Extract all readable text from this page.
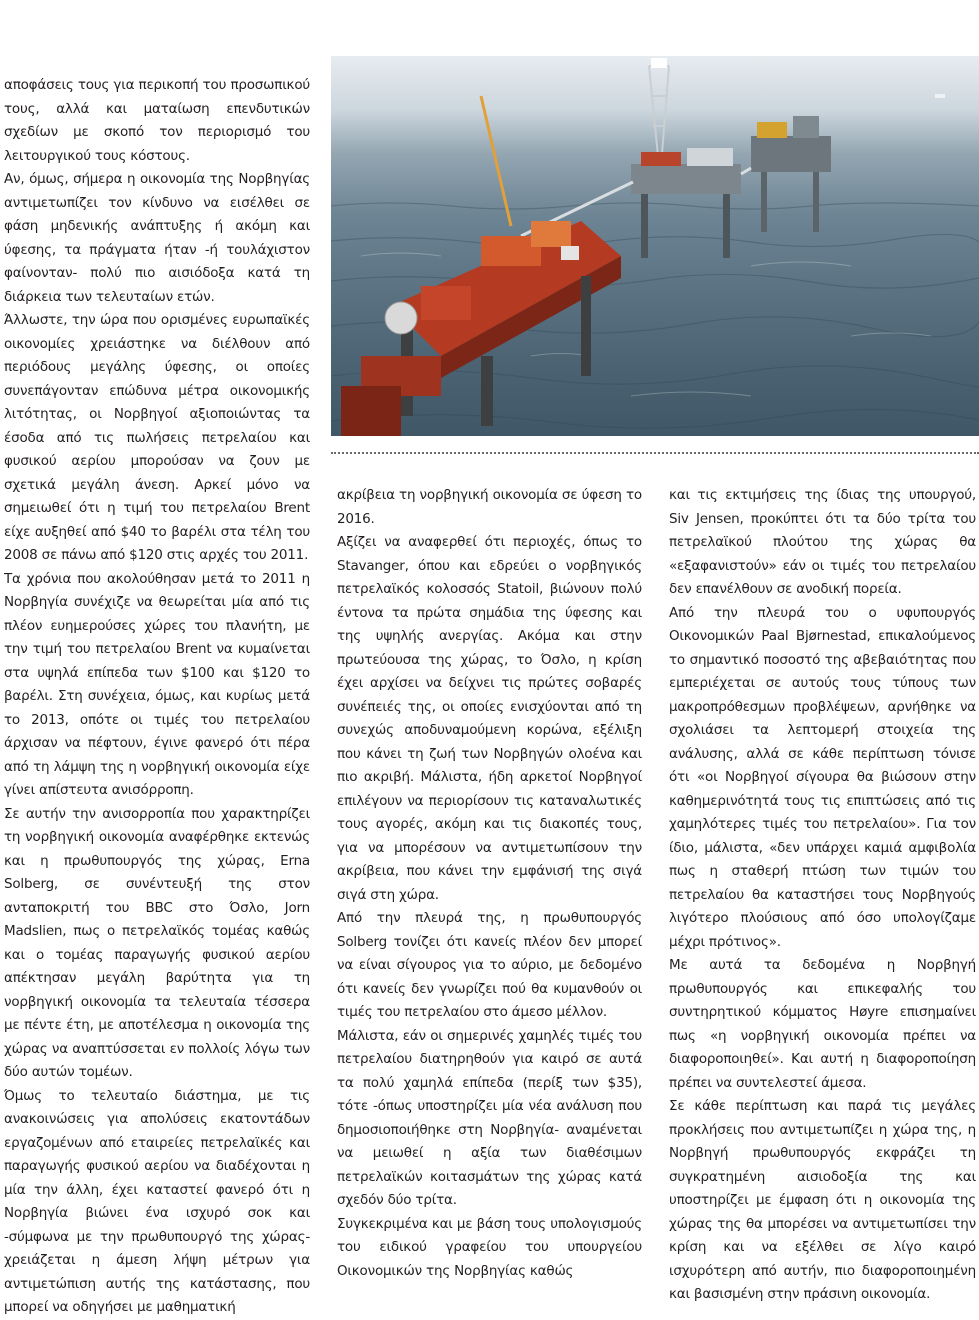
αποφάσεις τους για περικοπή του προσωπικού τους, αλλά και ματαίωση επενδυτικών σχεδίων με σκοπό τον περιορισμό του λειτουργικού τους κόστους.

Αν, όμως, σήμερα η οικονομία της Νορβηγίας αντιμετωπίζει τον κίνδυνο να εισέλθει σε φάση μηδενικής ανάπτυξης ή ακόμη και ύφεσης, τα πράγματα ήταν -ή τουλάχιστον φαίνονταν- πολύ πιο αισιόδοξα κατά τη διάρκεια των τελευταίων ετών.

Άλλωστε, την ώρα που ορισμένες ευρωπαϊκές οικονομίες χρειάστηκε να διέλθουν από περιόδους μεγάλης ύφεσης, οι οποίες συνεπάγονταν επώδυνα μέτρα οικονομικής λιτότητας, οι Νορβηγοί αξιοποιώντας τα έσοδα από τις πωλήσεις πετρελαίου και φυσικού αερίου μπορούσαν να ζουν με σχετικά μεγάλη άνεση. Αρκεί μόνο να σημειωθεί ότι η τιμή του πετρελαίου Brent είχε αυξηθεί από $40 το βαρέλι στα τέλη του 2008 σε πάνω από $120 στις αρχές του 2011.

Τα χρόνια που ακολούθησαν μετά το 2011 η Νορβηγία συνέχιζε να θεωρείται μία από τις πλέον ευημερούσες χώρες του πλανήτη, με την τιμή του πετρελαίου Brent να κυμαίνεται στα υψηλά επίπεδα των $100 και $120 το βαρέλι. Στη συνέχεια, όμως, και κυρίως μετά το 2013, οπότε οι τιμές του πετρελαίου άρχισαν να πέφτουν, έγινε φανερό ότι πέρα από τη λάμψη της η νορβηγική οικονομία είχε γίνει απίστευτα ανισόρροπη.

Σε αυτήν την ανισορροπία που χαρακτηρίζει τη νορβηγική οικονομία αναφέρθηκε εκτενώς και η πρωθυπουργός της χώρας, Erna Solberg, σε συνέντευξή της στον ανταποκριτή του BBC στο Όσλο, Jorn Madslien, πως ο πετρελαϊκός τομέας καθώς και ο τομέας παραγωγής φυσικού αερίου απέκτησαν μεγάλη βαρύτητα για τη νορβηγική οικονομία τα τελευταία τέσσερα με πέντε έτη, με αποτέλεσμα η οικονομία της χώρας να αναπτύσσεται εν πολλοίς λόγω των δύο αυτών τομέων.

Όμως το τελευταίο διάστημα, με τις ανακοινώσεις για απολύσεις εκατοντάδων εργαζομένων από εταιρείες πετρελαϊκές και παραγωγής φυσικού αερίου να διαδέχονται η μία την άλλη, έχει καταστεί φανερό ότι η Νορβηγία βιώνει ένα ισχυρό σοκ και -σύμφωνα με την πρωθυπουργό της χώρας- χρειάζεται η άμεση λήψη μέτρων για αντιμετώπιση αυτής της κατάστασης, που μπορεί να οδηγήσει με μαθηματική

ακρίβεια τη νορβηγική οικονομία σε ύφεση το 2016.

Αξίζει να αναφερθεί ότι περιοχές, όπως το Stavanger, όπου και εδρεύει ο νορβηγικός πετρελαϊκός κολοσσός Statoil, βιώνουν πολύ έντονα τα πρώτα σημάδια της ύφεσης και της υψηλής ανεργίας. Ακόμα και στην πρωτεύουσα της χώρας, το Όσλο, η κρίση έχει αρχίσει να δείχνει τις πρώτες σοβαρές συνέπειές της, οι οποίες ενισχύονται από τη συνεχώς αποδυναμούμενη κορώνα, εξέλιξη που κάνει τη ζωή των Νορβηγών ολοένα και πιο ακριβή. Μάλιστα, ήδη αρκετοί Νορβηγοί επιλέγουν να περιορίσουν τις καταναλωτικές τους αγορές, ακόμη και τις διακοπές τους, για να μπορέσουν να αντιμετωπίσουν την ακρίβεια, που κάνει την εμφάνισή της σιγά σιγά στη χώρα.

Από την πλευρά της, η πρωθυπουργός Solberg τονίζει ότι κανείς πλέον δεν μπορεί να είναι σίγουρος για το αύριο, με δεδομένο ότι κανείς δεν γνωρίζει πού θα κυμανθούν οι τιμές του πετρελαίου στο άμεσο μέλλον.

Μάλιστα, εάν οι σημερινές χαμηλές τιμές του πετρελαίου διατηρηθούν για καιρό σε αυτά τα πολύ χαμηλά επίπεδα (περίξ των $35), τότε -όπως υποστηρίζει μία νέα ανάλυση που δημοσιοποιήθηκε στη Νορβηγία- αναμένεται να μειωθεί η αξία των διαθέσιμων πετρελαϊκών κοιτασμάτων της χώρας κατά σχεδόν δύο τρίτα.

Συγκεκριμένα και με βάση τους υπολογισμούς του ειδικού γραφείου του υπουργείου Οικονομικών της Νορβηγίας καθώς

και τις εκτιμήσεις της ίδιας της υπουργού, Siv Jensen, προκύπτει ότι τα δύο τρίτα του πετρελαϊκού πλούτου της χώρας θα «εξαφανιστούν» εάν οι τιμές του πετρελαίου δεν επανέλθουν σε ανοδική πορεία.

Από την πλευρά του ο υφυπουργός Οικονομικών Paal Bjørnestad, επικαλούμενος το σημαντικό ποσοστό της αβεβαιότητας που εμπεριέχεται σε αυτούς τους τύπους των μακροπρόθεσμων προβλέψεων, αρνήθηκε να σχολιάσει τα λεπτομερή στοιχεία της ανάλυσης, αλλά σε κάθε περίπτωση τόνισε ότι «οι Νορβηγοί σίγουρα θα βιώσουν στην καθημερινότητά τους τις επιπτώσεις από τις χαμηλότερες τιμές του πετρελαίου». Για τον ίδιο, μάλιστα, «δεν υπάρχει καμιά αμφιβολία πως η σταθερή πτώση των τιμών του πετρελαίου θα καταστήσει τους Νορβηγούς λιγότερο πλούσιους από όσο υπολογίζαμε μέχρι πρότινος».

Με αυτά τα δεδομένα η Νορβηγή πρωθυπουργός και επικεφαλής του συντηρητικού κόμματος Høyre επισημαίνει πως «η νορβηγική οικονομία πρέπει να διαφοροποιηθεί». Και αυτή η διαφοροποίηση πρέπει να συντελεστεί άμεσα.

Σε κάθε περίπτωση και παρά τις μεγάλες προκλήσεις που αντιμετωπίζει η χώρα της, η Νορβηγή πρωθυπουργός εκφράζει τη συγκρατημένη αισιοδοξία της και υποστηρίζει με έμφαση ότι η οικονομία της χώρας της θα μπορέσει να αντιμετωπίσει την κρίση και να εξέλθει σε λίγο καιρό ισχυρότερη από αυτήν, πιο διαφοροποιημένη και βασισμένη στην πράσινη οικονομία.
